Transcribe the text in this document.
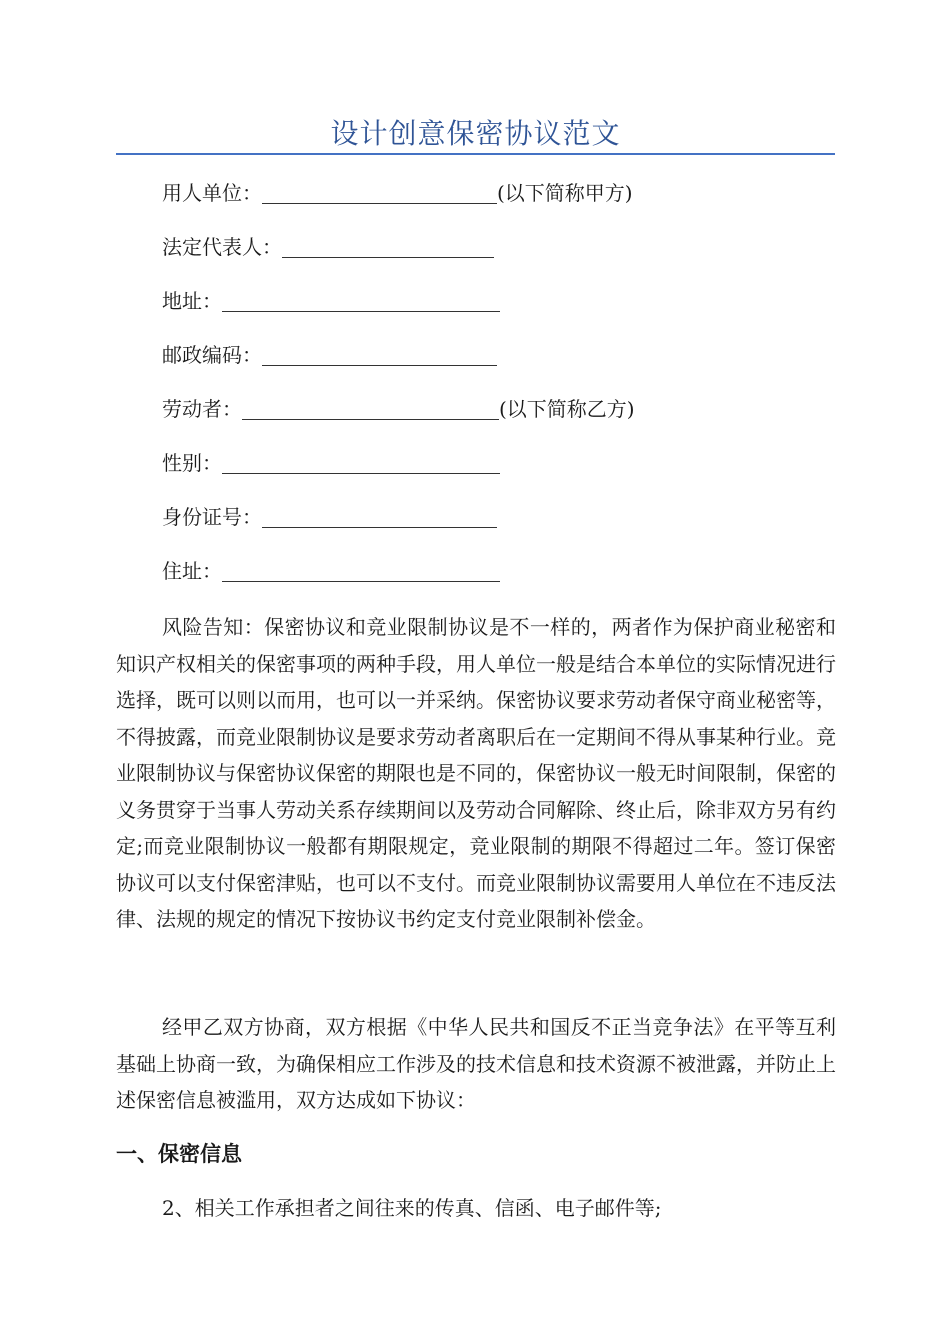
设计创意保密协议范文
用人单位：	(以下简称甲方)
法定代表人：
地址：
邮政编码：
劳动者：	(以下简称乙方)
性别：
身份证号：
住址：

风险告知：保密协议和竞业限制协议是不一样的，两者作为保护商业秘密和知识产权相关的保密事项的两种手段，用人单位一般是结合本单位的实际情况进行选择，既可以则以而用，也可以一并采纳。保密协议要求劳动者保守商业秘密等，不得披露，而竞业限制协议是要求劳动者离职后在一定期间不得从事某种行业。竞业限制协议与保密协议保密的期限也是不同的，保密协议一般无时间限制，保密的义务贯穿于当事人劳动关系存续期间以及劳动合同解除、终止后，除非双方另有约定;而竞业限制协议一般都有期限规定，竞业限制的期限不得超过二年。签订保密协议可以支付保密津贴，也可以不支付。而竞业限制协议需要用人单位在不违反法律、法规的规定的情况下按协议书约定支付竞业限制补偿金。

经甲乙双方协商，双方根据《中华人民共和国反不正当竞争法》在平等互利基础上协商一致，为确保相应工作涉及的技术信息和技术资源不被泄露，并防止上述保密信息被滥用，双方达成如下协议：

一、保密信息
2、相关工作承担者之间往来的传真、信函、电子邮件等;
